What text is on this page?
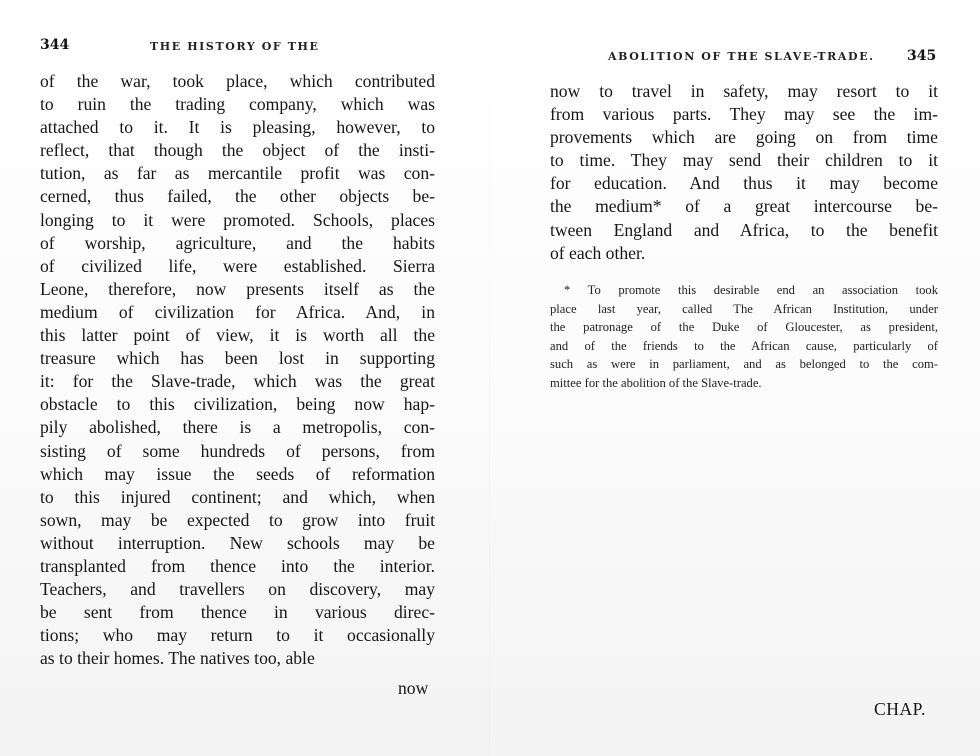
344	THE HISTORY OF THE
of the war, took place, which contributed
to ruin the trading company, which was
attached to it. It is pleasing, however, to
reflect, that though the object of the insti-
tution, as far as mercantile profit was con-
cerned, thus failed, the other objects be-
longing to it were promoted. Schools, places
of worship, agriculture, and the habits
of civilized life, were established. Sierra
Leone, therefore, now presents itself as the
medium of civilization for Africa. And, in
this latter point of view, it is worth all the
treasure which has been lost in supporting
it: for the Slave-trade, which was the great
obstacle to this civilization, being now hap-
pily abolished, there is a metropolis, con-
sisting of some hundreds of persons, from
which may issue the seeds of reformation
to this injured continent; and which, when
sown, may be expected to grow into fruit
without interruption. New schools may be
transplanted from thence into the interior.
Teachers, and travellers on discovery, may
be sent from thence in various direc-
tions; who may return to it occasionally
as to their homes. The natives too, able
now
ABOLITION OF THE SLAVE-TRADE. 345
now to travel in safety, may resort to it
from various parts. They may see the im-
provements which are going on from time
to time. They may send their children to it
for education. And thus it may become
the medium* of a great intercourse be-
tween England and Africa, to the benefit
of each other.
* To promote this desirable end an association took
place last year, called The African Institution, under
the patronage of the Duke of Gloucester, as president,
and of the friends to the African cause, particularly of
such as were in parliament, and as belonged to the com-
mittee for the abolition of the Slave-trade.
CHAP.
